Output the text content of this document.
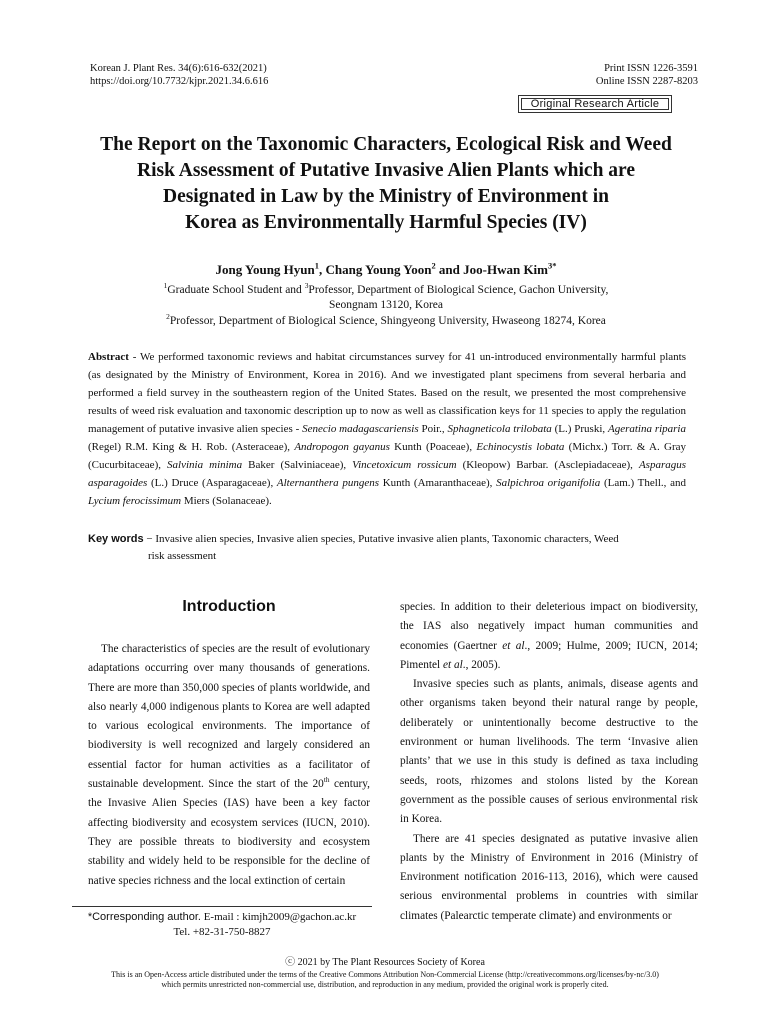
Korean J. Plant Res. 34(6):616-632(2021)
https://doi.org/10.7732/kjpr.2021.34.6.616
Print ISSN 1226-3591
Online ISSN 2287-8203
Original Research Article
The Report on the Taxonomic Characters, Ecological Risk and Weed
Risk Assessment of Putative Invasive Alien Plants which are
Designated in Law by the Ministry of Environment in
Korea as Environmentally Harmful Species (IV)
Jong Young Hyun$^1$, Chang Young Yoon$^2$ and Joo-Hwan Kim$^{3*}$
$^1$Graduate School Student and $^3$Professor, Department of Biological Science, Gachon University,
Seongnam 13120, Korea
$^2$Professor, Department of Biological Science, Shingyeong University, Hwaseong 18274, Korea
Abstract - We performed taxonomic reviews and habitat circumstances survey for 41 un-introduced environmentally harmful plants (as designated by the Ministry of Environment, Korea in 2016). And we investigated plant specimens from several herbaria and performed a field survey in the southeastern region of the United States. Based on the result, we presented the most comprehensive results of weed risk evaluation and taxonomic description up to now as well as classification keys for 11 species to apply the regulation management of putative invasive alien species - Senecio madagascariensis Poir., Sphagneticola trilobata (L.) Pruski, Ageratina riparia (Regel) R.M. King & H. Rob. (Asteraceae), Andropogon gayanus Kunth (Poaceae), Echinocystis lobata (Michx.) Torr. & A. Gray (Cucurbitaceae), Salvinia minima Baker (Salviniaceae), Vincetoxicum rossicum (Kleopow) Barbar. (Asclepiadaceae), Asparagus asparagoides (L.) Druce (Asparagaceae), Alternanthera pungens Kunth (Amaranthaceae), Salpichroa origanifolia (Lam.) Thell., and Lycium ferocissimum Miers (Solanaceae).
Key words − Invasive alien species, Invasive alien species, Putative invasive alien plants, Taxonomic characters, Weed
risk assessment
Introduction

The characteristics of species are the result of evolutionary adaptations occurring over many thousands of generations. There are more than 350,000 species of plants worldwide, and also nearly 4,000 indigenous plants to Korea are well adapted to various ecological environments. The importance of biodiversity is well recognized and largely considered an essential factor for human activities as a facilitator of sustainable development. Since the start of the 20th century, the Invasive Alien Species (IAS) have been a key factor affecting biodiversity and ecosystem services (IUCN, 2010). They are possible threats to biodiversity and ecosystem stability and widely held to be responsible for the decline of native species richness and the local extinction of certain

species. In addition to their deleterious impact on biodiversity, the IAS also negatively impact human communities and economies (Gaertner et al., 2009; Hulme, 2009; IUCN, 2014; Pimentel et al., 2005).

Invasive species such as plants, animals, disease agents and other organisms taken beyond their natural range by people, deliberately or unintentionally become destructive to the environment or human livelihoods. The term ‘Invasive alien plants’ that we use in this study is defined as taxa including seeds, roots, rhizomes and stolons listed by the Korean government as the possible causes of serious environmental risk in Korea.

There are 41 species designated as putative invasive alien plants by the Ministry of Environment in 2016 (Ministry of Environment notification 2016-113, 2016), which were caused serious environmental problems in countries with similar climates (Palearctic temperate climate) and environments or

*Corresponding author. E-mail : kimjh2009@gachon.ac.kr
Tel. +82-31-750-8827
ⓒ 2021 by The Plant Resources Society of Korea
This is an Open-Access article distributed under the terms of the Creative Commons Attribution Non-Commercial License (http://creativecommons.org/licenses/by-nc/3.0)
which permits unrestricted non-commercial use, distribution, and reproduction in any medium, provided the original work is properly cited.
